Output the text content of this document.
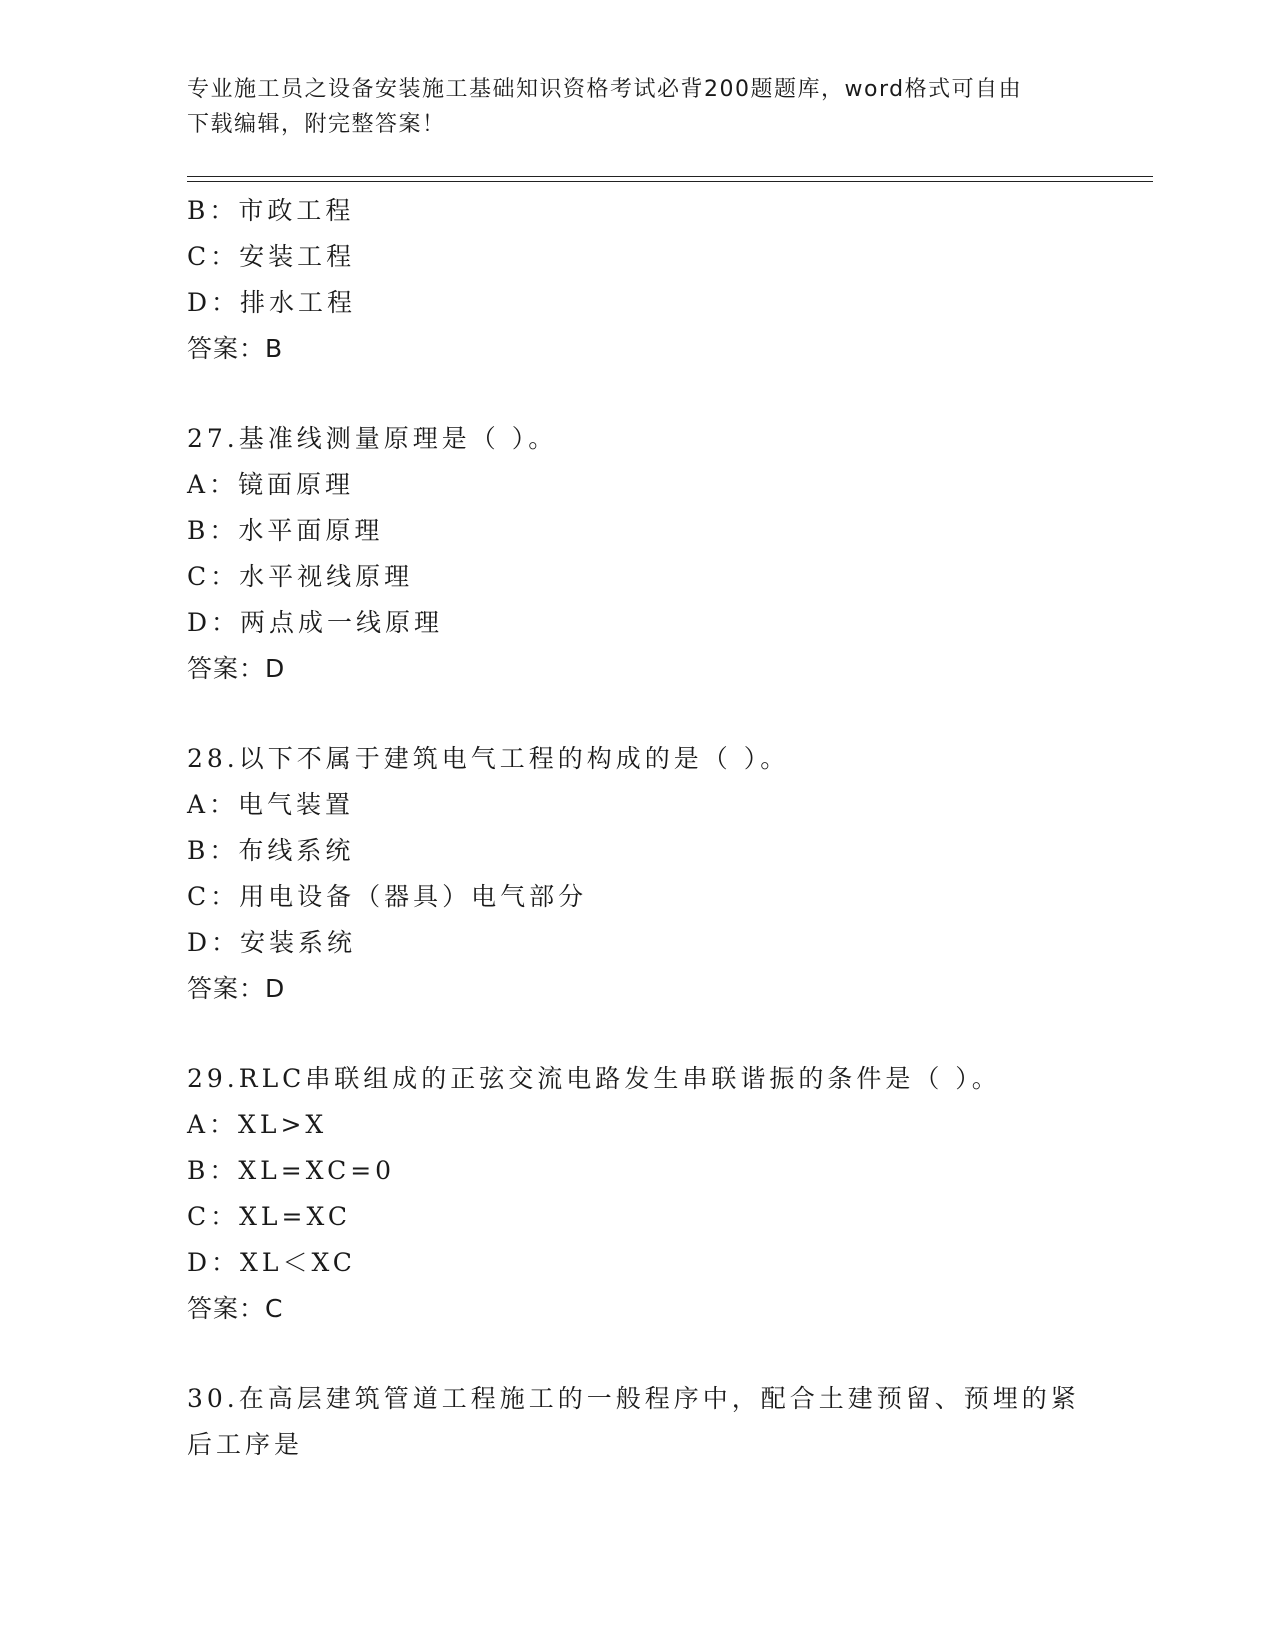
专业施工员之设备安装施工基础知识资格考试必背200题题库，word格式可自由
下载编辑，附完整答案！
B：市政工程
C：安装工程
D：排水工程
答案：B
27.基准线测量原理是（ ）。
A：镜面原理
B：水平面原理
C：水平视线原理
D：两点成一线原理
答案：D
28.以下不属于建筑电气工程的构成的是（ ）。
A：电气装置
B：布线系统
C：用电设备（器具）电气部分
D：安装系统
答案：D
29.RLC串联组成的正弦交流电路发生串联谐振的条件是（ ）。
A：XL>X
B：XL=XC=0
C：XL=XC
D：XL＜XC
答案：C
30.在高层建筑管道工程施工的一般程序中，配合土建预留、预埋的紧
后工序是
